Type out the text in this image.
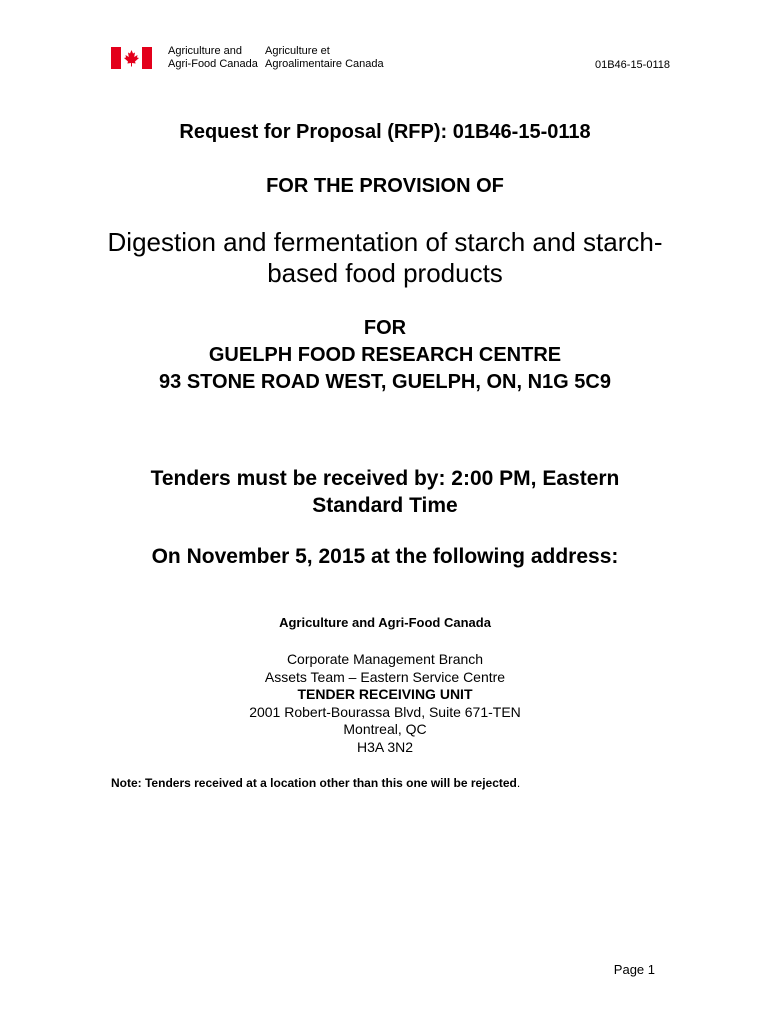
Agriculture and
Agri-Food Canada
Agriculture et
Agroalimentaire Canada	01B46-15-0118
Request for Proposal (RFP): 01B46-15-0118
FOR THE PROVISION OF
Digestion and fermentation of starch and starch-
based food products
FOR
GUELPH FOOD RESEARCH CENTRE
93 STONE ROAD WEST, GUELPH, ON, N1G 5C9
Tenders must be received by: 2:00 PM, Eastern
Standard Time
On November 5, 2015 at the following address:
Agriculture and Agri-Food Canada
Corporate Management Branch
Assets Team – Eastern Service Centre
TENDER RECEIVING UNIT
2001 Robert-Bourassa Blvd, Suite 671-TEN
Montreal, QC
H3A 3N2
Note: Tenders received at a location other than this one will be rejected.
Page 1
